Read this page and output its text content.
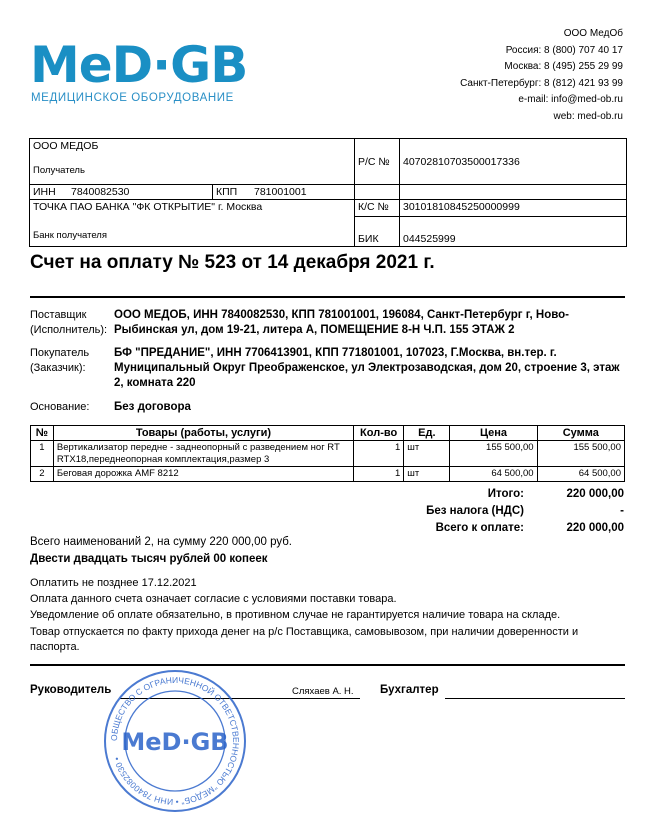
MeD·GB
МЕДИЦИНСКОЕ ОБОРУДОВАНИЕ
ООО МедОб
Россия: 8 (800) 707 40 17
Москва: 8 (495) 255 29 99
Санкт-Петербург: 8 (812) 421 93 99
e-mail: info@med-ob.ru
web: med-ob.ru
ООО МЕДОБ
Получатель					

				Р/С №	40702810703500017336
ИНН	7840082530	КПП	781001001		

ТОЧКА ПАО БАНКА "ФК ОТКРЫТИЕ" г. Москва
Банк получателя				К/С №	30101810845250000999
				БИК	044525999
Счет на оплату № 523 от 14 декабря 2021 г.
Поставщик (Исполнитель):
ООО МЕДОБ, ИНН 7840082530, КПП 781001001, 196084, Санкт-Петербург г, Ново-Рыбинская ул, дом 19-21, литера А, ПОМЕЩЕНИЕ 8-Н Ч.П. 155 ЭТАЖ 2
Покупатель (Заказчик):
БФ "ПРЕДАНИЕ", ИНН 7706413901, КПП 771801001, 107023, Г.Москва, вн.тер. г. Муниципальный Округ Преображенское, ул Электрозаводская, дом 20, строение 3, этаж 2, комната 220
Основание:	Без договора
№	Товары (работы, услуги)	Кол-во	Ед.	Цена	Сумма
1	Вертикализатор передне - заднеопорный с разведением ног RT RTX18,переднеопорная комплектация,размер 3	1	шт	155 500,00	155 500,00
2	Беговая дорожка AMF 8212	1	шт	64 500,00	64 500,00
Итого:	220 000,00
Без налога (НДС)	-
Всего к оплате:	220 000,00
Всего наименований 2, на сумму 220 000,00 руб.
Двести двадцать тысяч рублей 00 копеек
Оплатить не позднее 17.12.2021
Оплата данного счета означает согласие с условиями поставки товара.
Уведомление об оплате обязательно, в противном случае не гарантируется наличие товара на складе.
Товар отпускается по факту прихода денег на р/с Поставщика, самовывозом, при наличии доверенности и паспорта.
Руководитель	Сляхаев А. Н. Бухгалтер
ОБЩЕСТВО С ОГРАНИЧЕННОЙ ОТВЕТСТВЕННОСТЬЮ "МЕДОБ" • ИНН 7840082530 •
MeD·GB
